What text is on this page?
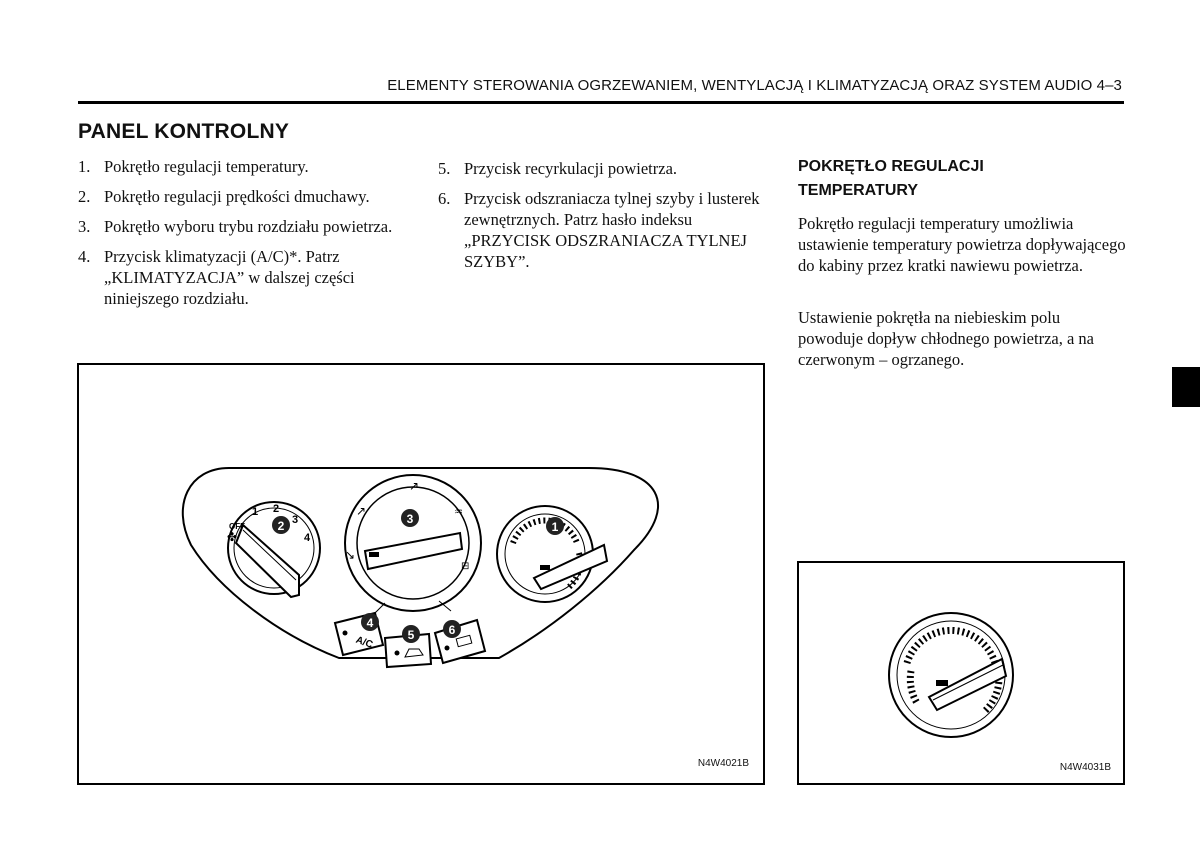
ELEMENTY STEROWANIA OGRZEWANIEM, WENTYLACJĄ I KLIMATYZACJĄ ORAZ SYSTEM AUDIO 4–3
PANEL KONTROLNY
1. Pokrętło regulacji temperatury.
2. Pokrętło regulacji prędkości dmuchawy.
3. Pokrętło wyboru trybu rozdziału powietrza.
4. Przycisk klimatyzacji (A/C)*. Patrz „KLIMATYZACJA” w dalszej części niniejszego rozdziału.
5. Przycisk recyrkulacji powietrza.
6. Przycisk odszraniacza tylnej szyby i lusterek zewnętrznych. Patrz hasło indeksu „PRZYCISK ODSZRANIACZA TYLNEJ SZYBY”.
POKRĘTŁO REGULACJI
TEMPERATURY

Pokrętło regulacji temperatury umożliwia ustawienie temperatury powietrza dopływającego do kabiny przez kratki nawiewu powietrza.

Ustawienie pokrętła na niebieskim polu powoduje dopływ chłodnego powietrza, a na czerwonym – ogrzanego.

OFF
1 2
3
4
✤
↗
↗
↘
♒
⊟
A/C
1
2	3
4
5	6
N4W4021B	N4W4031B
